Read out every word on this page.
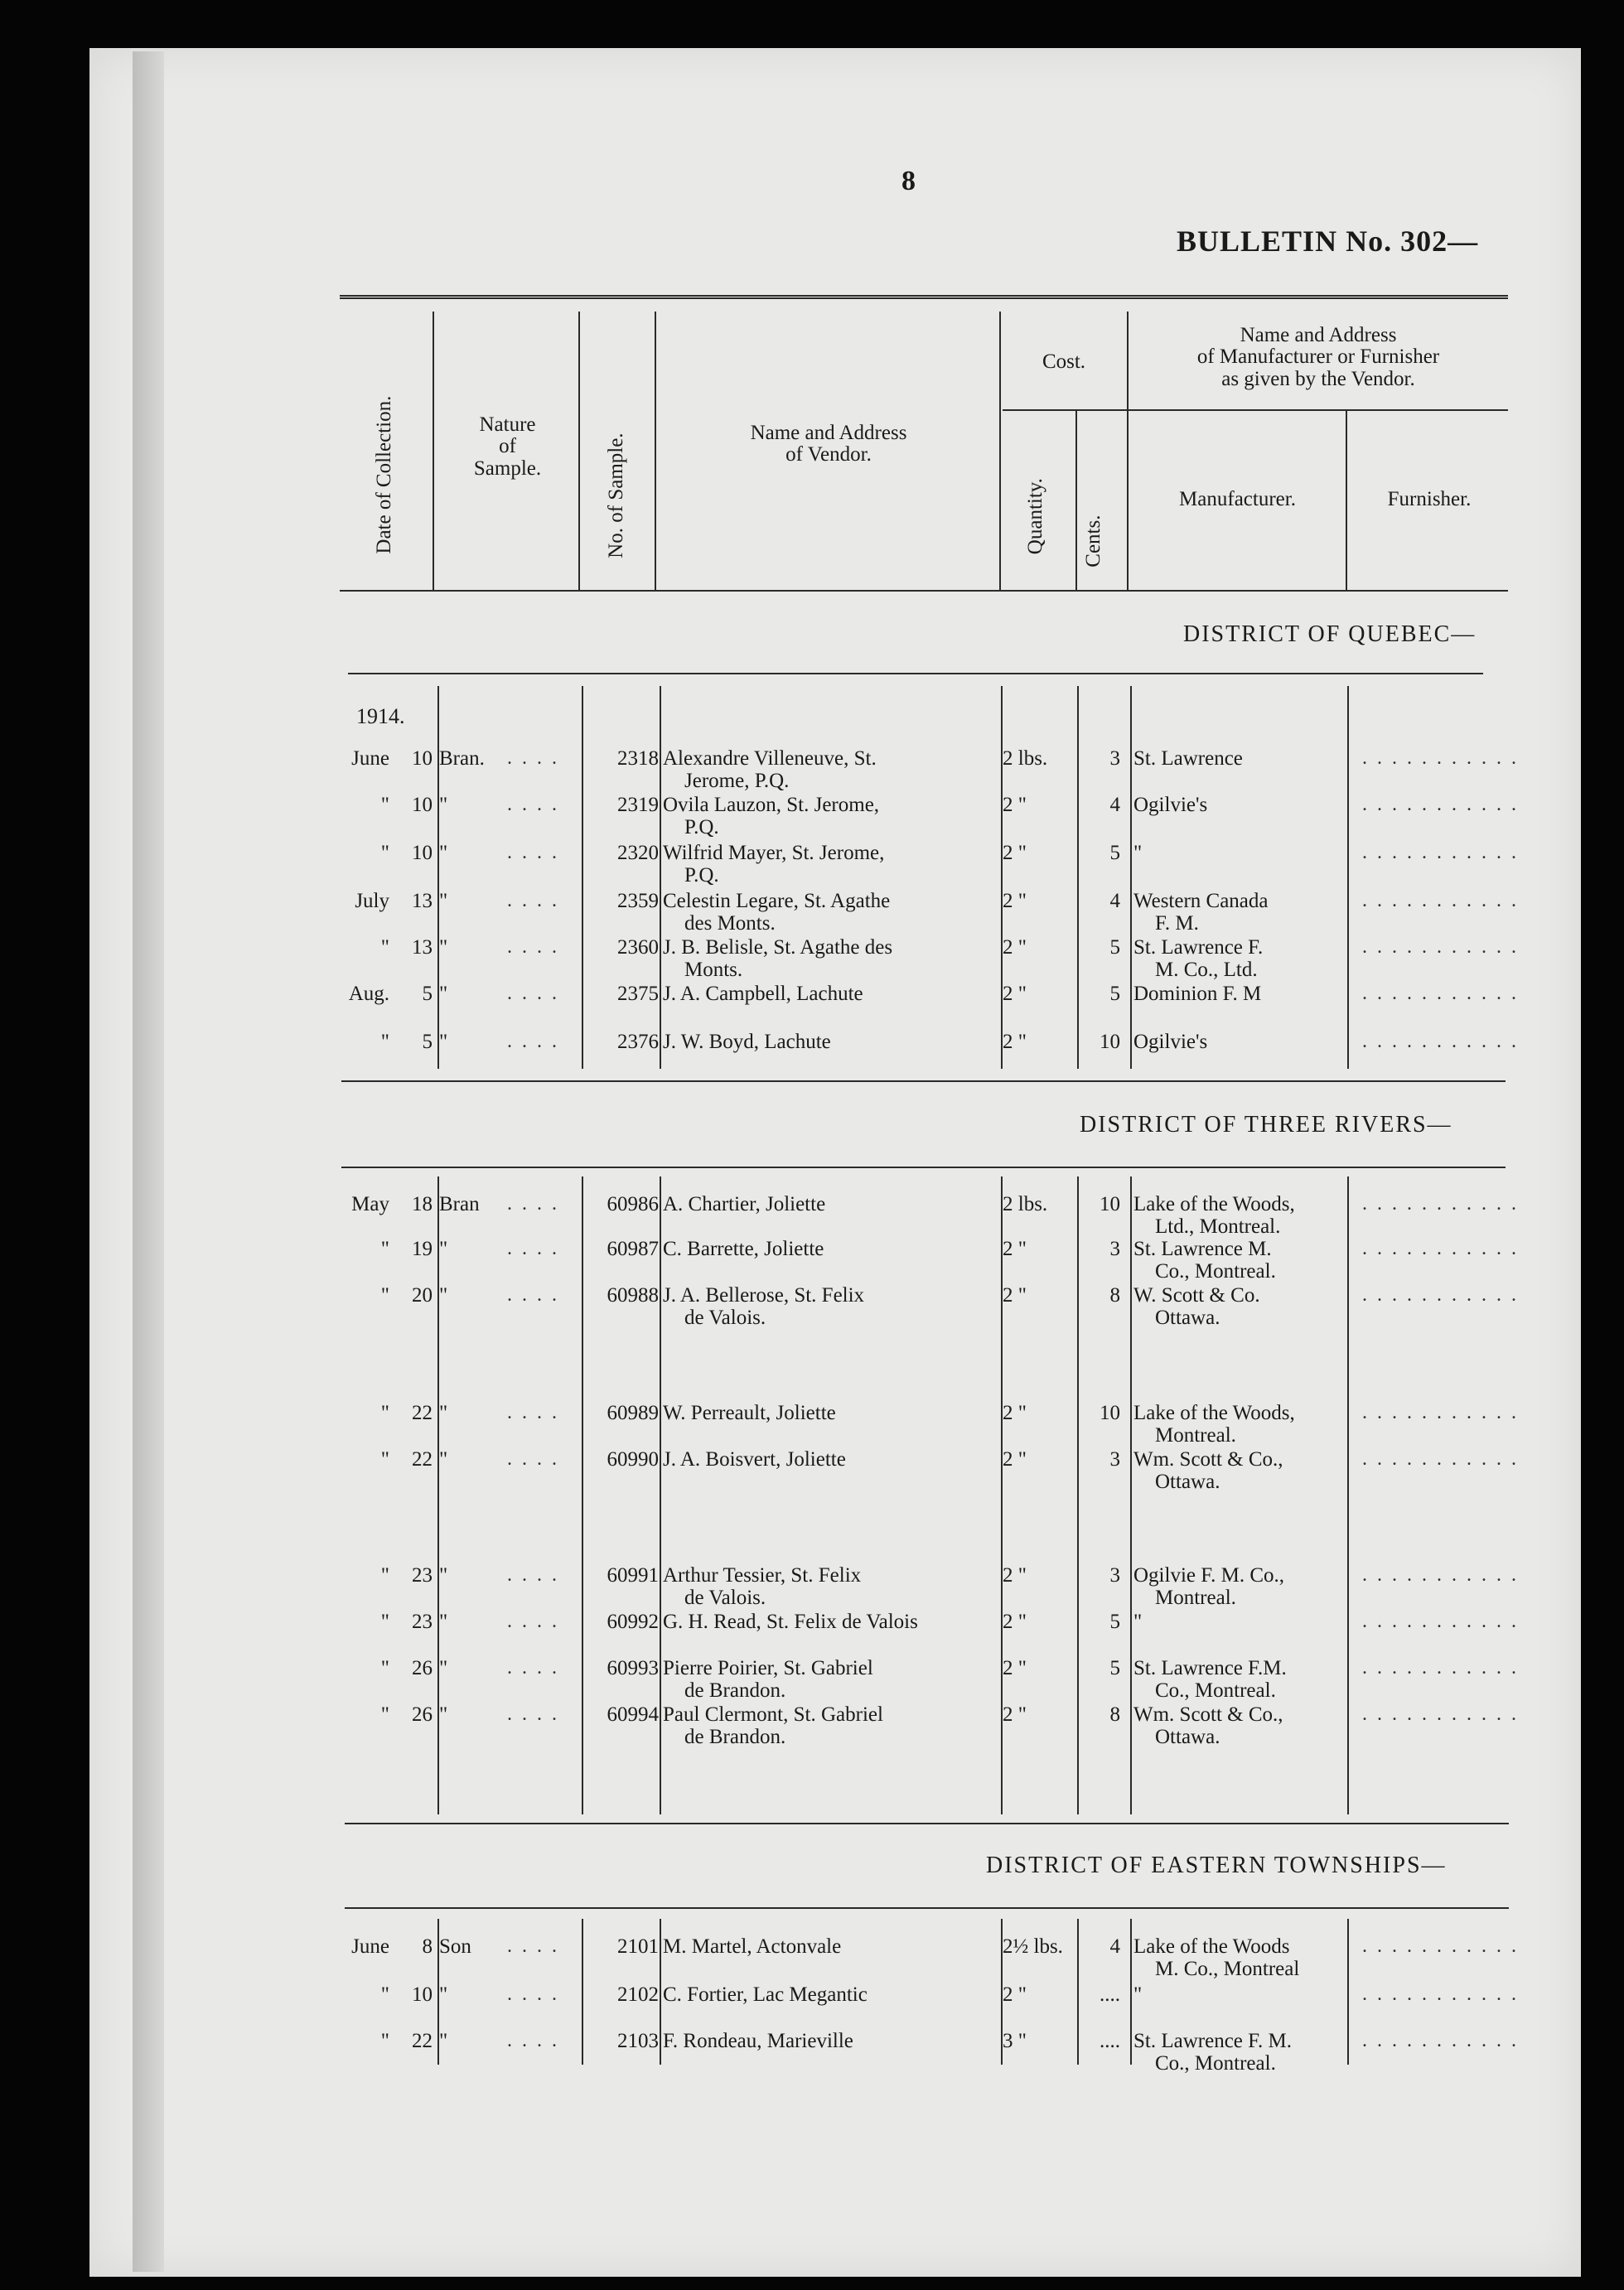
8
BULLETIN No. 302—
Date of Collection.	Nature
of
Sample.	No. of Sample.	Name and Address
of Vendor.
Cost.
Quantity. Cents.
Name and Address
of Manufacturer or Furnisher
as given by the Vendor.
Manufacturer.	Furnisher.
DISTRICT OF QUEBEC—
1914.
DISTRICT OF THREE RIVERS—
DISTRICT OF EASTERN TOWNSHIPS—
June	10 Bran. . . . .	2318 Alexandre Villeneuve, St.
Jerome, P.Q.
2 lbs.	3 St. Lawrence	. . . . . . . . . . .
"	10 "	. . . .	2319 Ovila Lauzon, St. Jerome,
P.Q.
2 "	4 Ogilvie's	. . . . . . . . . . .
"	10 "	. . . .	2320 Wilfrid Mayer, St. Jerome,
P.Q.
2 "	5 "	. . . . . . . . . . .
July	13 "	. . . .	2359 Celestin Legare, St. Agathe
des Monts.
2 "	4 Western Canada
F. M.
. . . . . . . . . . .
"	13 "	. . . .	2360 J. B. Belisle, St. Agathe des
Monts.
2 "	5 St. Lawrence F.
M. Co., Ltd.
. . . . . . . . . . .
Aug.	5 "	. . . .	2375 J. A. Campbell, Lachute	2 "	5 Dominion F. M	. . . . . . . . . . .
"	5 "	. . . .	2376 J. W. Boyd, Lachute	2 "	10 Ogilvie's	. . . . . . . . . . .
May	18 Bran . . . .	60986 A. Chartier, Joliette	2 lbs.	10 Lake of the Woods,
Ltd., Montreal.
. . . . . . . . . . .
"	19 "	. . . .	60987 C. Barrette, Joliette	2 "	3 St. Lawrence M.
Co., Montreal.
. . . . . . . . . . .
"	20 "	. . . .	60988 J. A. Bellerose, St. Felix
de Valois.
2 "	8 W. Scott & Co.
Ottawa.
. . . . . . . . . . .
"	22 "	. . . .	60989 W. Perreault, Joliette	2 "	10 Lake of the Woods,
Montreal.
. . . . . . . . . . .
"	22 "	. . . .	60990 J. A. Boisvert, Joliette	2 "	3 Wm. Scott & Co.,
Ottawa.
. . . . . . . . . . .
"	23 "	. . . .	60991 Arthur Tessier, St. Felix
de Valois.
2 "	3 Ogilvie F. M. Co.,
Montreal.
. . . . . . . . . . .
"	23 "	. . . .	60992 G. H. Read, St. Felix de Valois	2 "	5 "	. . . . . . . . . . .
"	26 "	. . . .	60993 Pierre Poirier, St. Gabriel
de Brandon.
2 "	5 St. Lawrence F.M.
Co., Montreal.
. . . . . . . . . . .
"	26 "	. . . .	60994 Paul Clermont, St. Gabriel
de Brandon.
2 "	8 Wm. Scott & Co.,
Ottawa.
. . . . . . . . . . .
June	8 Son . . . .	2101 M. Martel, Actonvale	2½ lbs.	4 Lake of the Woods
M. Co., Montreal
. . . . . . . . . . .
"	10 "	. . . .	2102 C. Fortier, Lac Megantic	2 "	.... "	. . . . . . . . . . .
"	22 "	. . . .	2103 F. Rondeau, Marieville	3 "	.... St. Lawrence F. M.
Co., Montreal.
. . . . . . . . . . .
